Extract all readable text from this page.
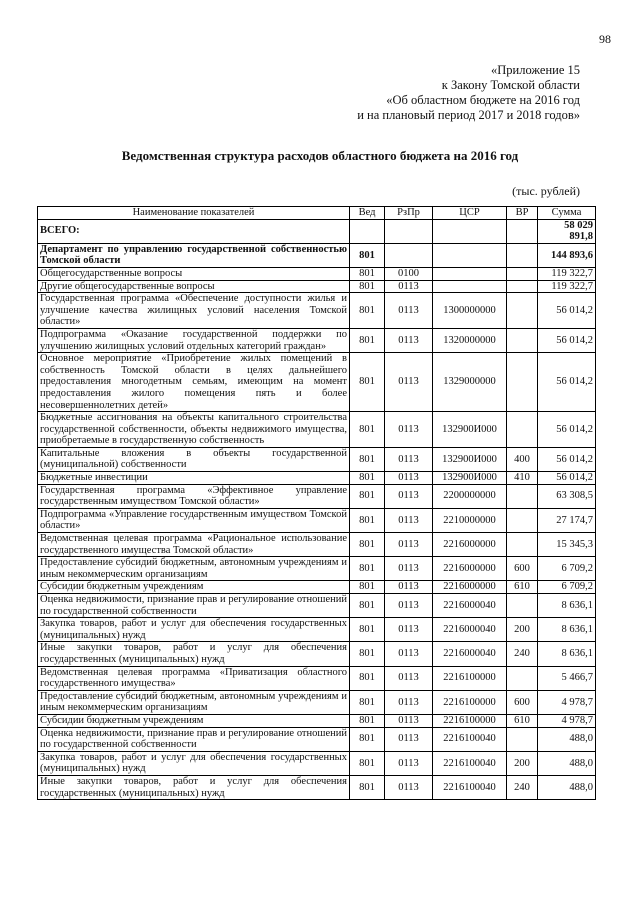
98
«Приложение 15
к Закону Томской области
«Об областном бюджете на 2016 год
и на плановый период 2017 и 2018 годов»
Ведомственная структура расходов областного бюджета на 2016 год
(тыс. рублей)
Наименование показателей	Вед	РзПр	ЦСР	ВР	Сумма
ВСЕГО:					58 029 891,8
Департамент по управлению государственной собственностью Томской области	801				144 893,6
Общегосударственные вопросы	801	0100			119 322,7
Другие общегосударственные вопросы	801	0113			119 322,7
Государственная программа «Обеспечение доступности жилья и улучшение качества жилищных условий населения Томской области»	801	0113	1300000000		56 014,2
Подпрограмма «Оказание государственной поддержки по улучшению жилищных условий отдельных категорий граждан»	801	0113	1320000000		56 014,2
Основное мероприятие «Приобретение жилых помещений в собственность Томской области в целях дальнейшего предоставления многодетным семьям, имеющим на момент предоставления жилого помещения пять и более несовершеннолетних детей»	801	0113	1329000000		56 014,2
Бюджетные ассигнования на объекты капитального строительства государственной собственности, объекты недвижимого имущества, приобретаемые в государственную собственность	801	0113	132900И000		56 014,2
Капитальные вложения в объекты государственной (муниципальной) собственности	801	0113	132900И000	400	56 014,2
Бюджетные инвестиции	801	0113	132900И000	410	56 014,2
Государственная программа «Эффективное управление государственным имуществом Томской области»	801	0113	2200000000		63 308,5
Подпрограмма «Управление государственным имуществом Томской области»	801	0113	2210000000		27 174,7
Ведомственная целевая программа «Рациональное использование государственного имущества Томской области»	801	0113	2216000000		15 345,3
Предоставление субсидий бюджетным, автономным учреждениям и иным некоммерческим организациям	801	0113	2216000000	600	6 709,2
Субсидии бюджетным учреждениям	801	0113	2216000000	610	6 709,2
Оценка недвижимости, признание прав и регулирование отношений по государственной собственности	801	0113	2216000040		8 636,1
Закупка товаров, работ и услуг для обеспечения государственных (муниципальных) нужд	801	0113	2216000040	200	8 636,1
Иные закупки товаров, работ и услуг для обеспечения государственных (муниципальных) нужд	801	0113	2216000040	240	8 636,1
Ведомственная целевая программа «Приватизация областного государственного имущества»	801	0113	2216100000		5 466,7
Предоставление субсидий бюджетным, автономным учреждениям и иным некоммерческим организациям	801	0113	2216100000	600	4 978,7
Субсидии бюджетным учреждениям	801	0113	2216100000	610	4 978,7
Оценка недвижимости, признание прав и регулирование отношений по государственной собственности	801	0113	2216100040		488,0
Закупка товаров, работ и услуг для обеспечения государственных (муниципальных) нужд	801	0113	2216100040	200	488,0
Иные закупки товаров, работ и услуг для обеспечения государственных (муниципальных) нужд	801	0113	2216100040	240	488,0
